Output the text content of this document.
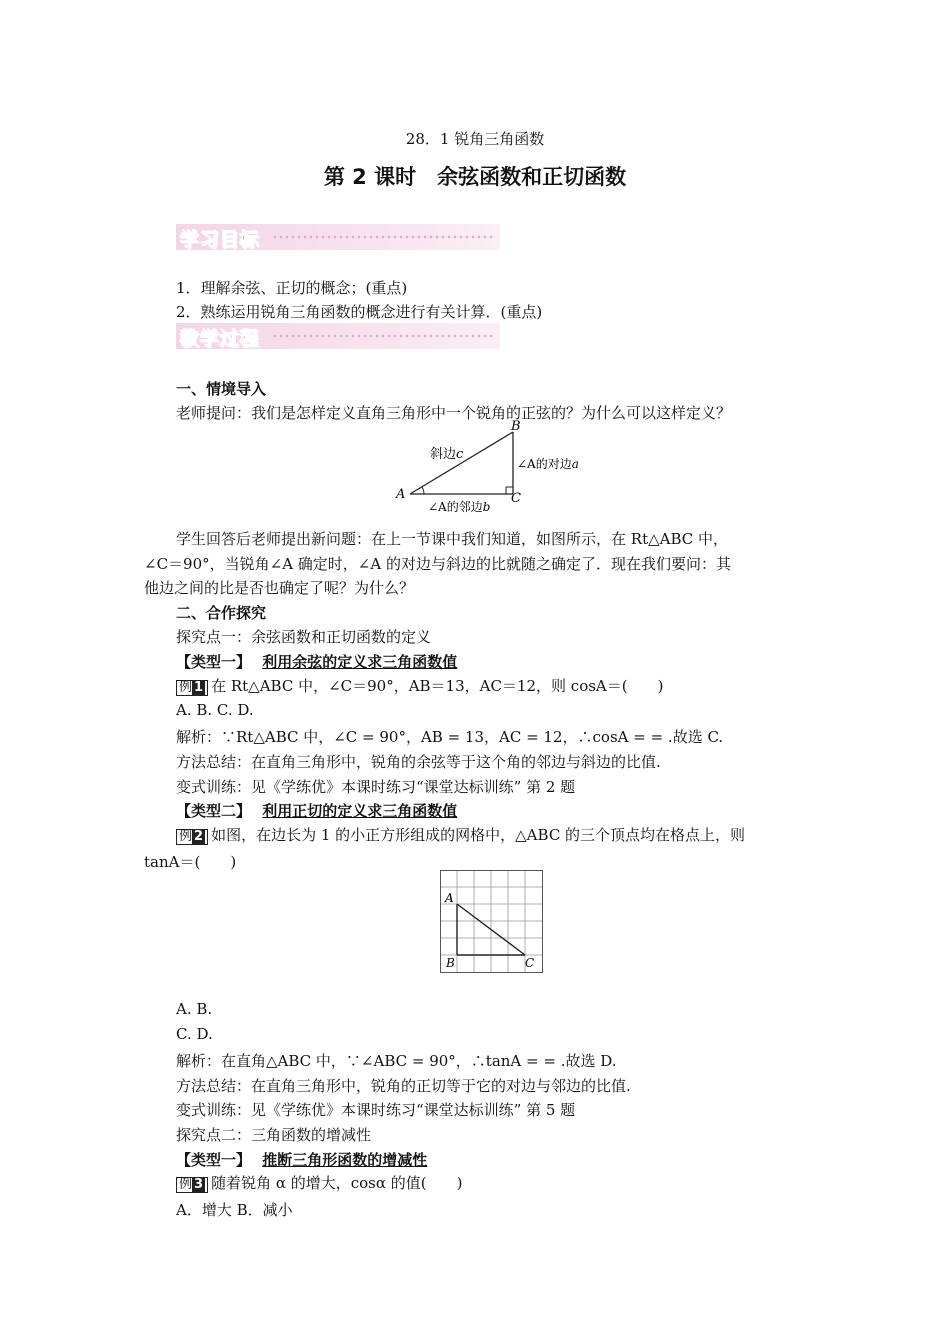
28．1 锐角三角函数
第 2 课时　余弦函数和正切函数
学习目标
1．理解余弦、正切的概念；(重点)
2．熟练运用锐角三角函数的概念进行有关计算．(重点)
教学过程
一、情境导入
老师提问：我们是怎样定义直角三角形中一个锐角的正弦的？为什么可以这样定义？
B
A	C
斜边c
∠A的对边a
∠A的邻边b
学生回答后老师提出新问题：在上一节课中我们知道，如图所示，在 Rt△ABC 中，
∠C＝90°，当锐角∠A 确定时，∠A 的对边与斜边的比就随之确定了．现在我们要问：其
他边之间的比是否也确定了呢？为什么？
二、合作探究
探究点一：余弦函数和正切函数的定义
【类型一】 利用余弦的定义求三角函数值
例 1 在 Rt△ABC 中，∠C＝90°，AB＝13，AC＝12，则 cosA＝(　　)
A. B. C. D.
解析：∵Rt△ABC 中，∠C = 90°，AB = 13，AC = 12，∴cosA = = .故选 C.
方法总结：在直角三角形中，锐角的余弦等于这个角的邻边与斜边的比值.
变式训练：见《学练优》本课时练习“课堂达标训练” 第 2 题
【类型二】 利用正切的定义求三角函数值
例 2 如图，在边长为 1 的小正方形组成的网格中，△ABC 的三个顶点均在格点上，则
tanA＝(　　)
A
B	C
A. B.
C. D.
解析：在直角△ABC 中，∵∠ABC = 90°，∴tanA = = .故选 D.
方法总结：在直角三角形中，锐角的正切等于它的对边与邻边的比值.
变式训练：见《学练优》本课时练习“课堂达标训练” 第 5 题
探究点二：三角函数的增减性
【类型一】 推断三角形函数的增减性
例 3 随着锐角 α 的增大，cosα 的值(　　)
A．增大 B．减小
